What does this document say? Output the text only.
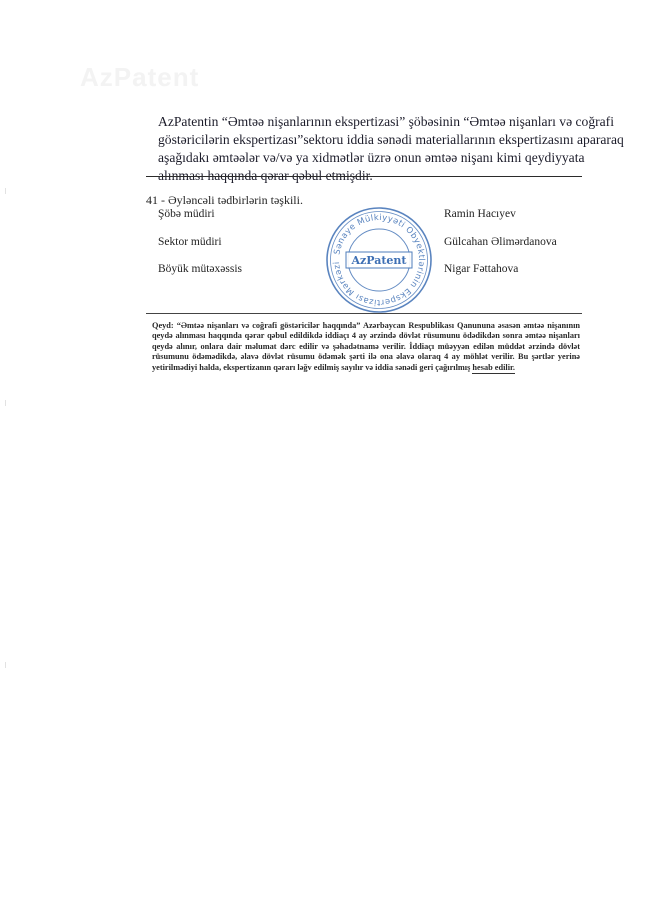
AzPatent
AzPatentin “Əmtəə nişanlarının ekspertizasi” şöbəsinin “Əmtəə nişanları və coğrafi
göstəricilərin ekspertizası”sektoru iddia sənədi materiallarının ekspertizasını apararaq
aşağıdakı əmtəələr və/və ya xidmətlər üzrə onun əmtəə nişanı kimi qeydiyyata
alınması haqqında qərar qəbul etmişdir.
41 - Əyləncəli tədbirlərin təşkili.
Şöbə müdiri	Ramin Hacıyev
Sektor müdiri	Gülcahan Əlimərdanova
Böyük mütəxəssis	Nigar Fəttahova
Sənaye Mülkiyyəti Obyektlərinin Ekspertizası Mərkəzi AzPatent
Qeyd: “Əmtəə nişanları və coğrafi göstəricilər haqqında” Azərbaycan Respublikası Qanununa əsasən əmtəə nişanının qeydə alınması haqqında qərar qəbul edildikdə iddiaçı 4 ay ərzində dövlət rüsumunu ödədikdən sonra əmtəə nişanları qeydə alınır, onlara dair məlumat dərc edilir və şəhadətnamə verilir. İddiaçı müəyyən edilən müddət ərzində dövlət rüsumunu ödəmədikdə, əlavə dövlət rüsumu ödəmək şərti ilə ona əlavə olaraq 4 ay möhlət verilir. Bu şərtlər yerinə yetirilmədiyi halda, ekspertizanın qərarı ləğv edilmiş sayılır və iddia sənədi geri çağırılmış hesab edilir.
